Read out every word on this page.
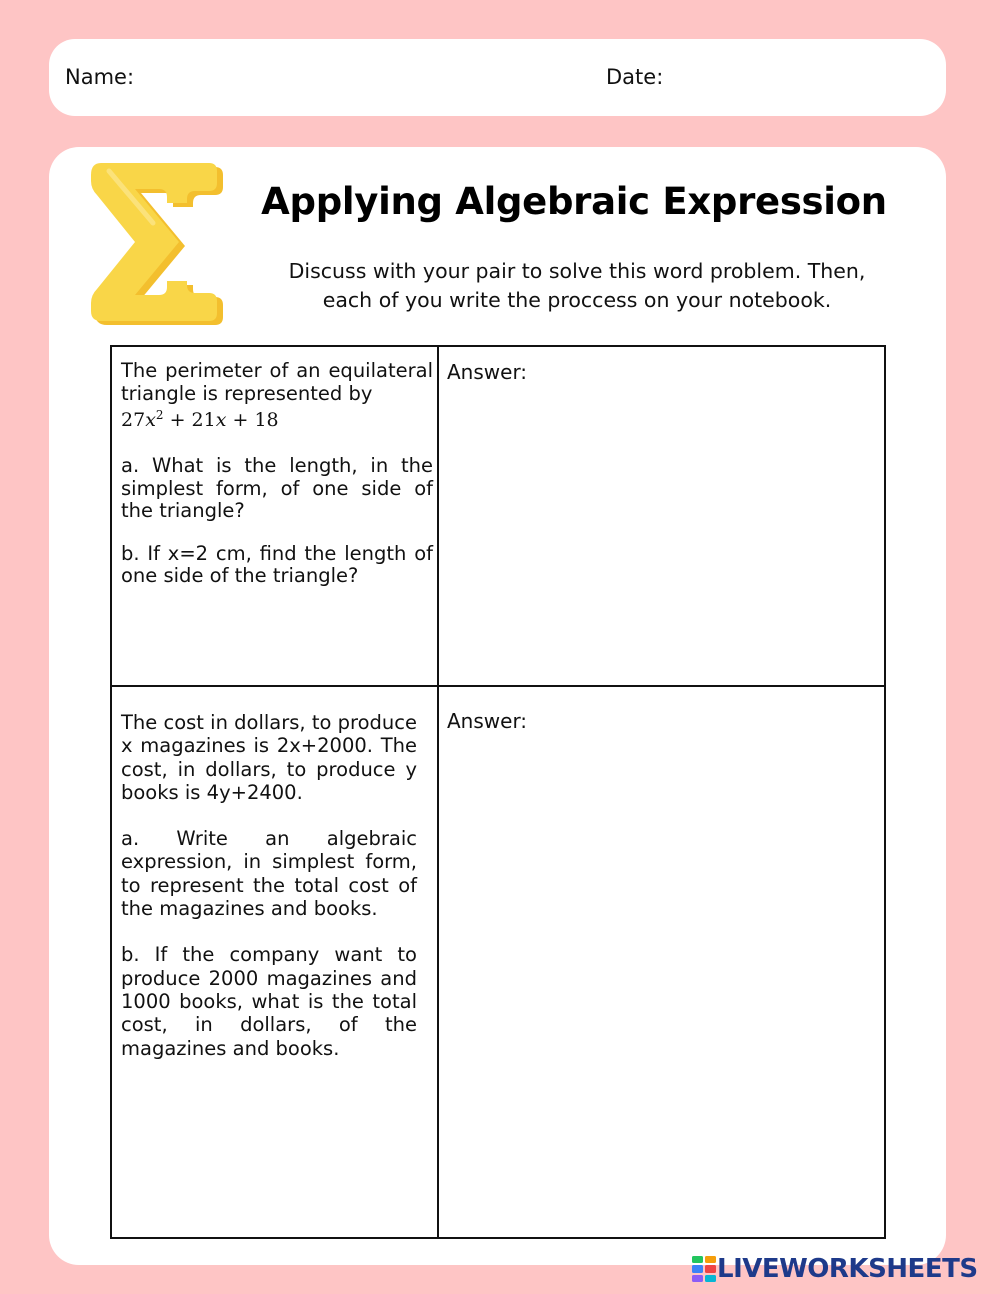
Name:	Date:
Applying Algebraic Expression
Discuss with your pair to solve this word problem. Then,
each of you write the proccess on your notebook.

The perimeter of an equilateral triangle is represented by

$27x^2 + 21x + 18$

a. What is the length, in the simplest form, of one side of the triangle?

b. If x=2 cm, find the length of one side of the triangle?

Answer:

The cost in dollars, to produce x magazines is 2x+2000. The cost, in dollars, to produce y books is 4y+2400.

a. Write an algebraic expression, in simplest form, to represent the total cost of the magazines and books.

b. If the company want to produce 2000 magazines and 1000 books, what is the total cost, in dollars, of the magazines and books.

Answer:
LIVEWORKSHEETS
